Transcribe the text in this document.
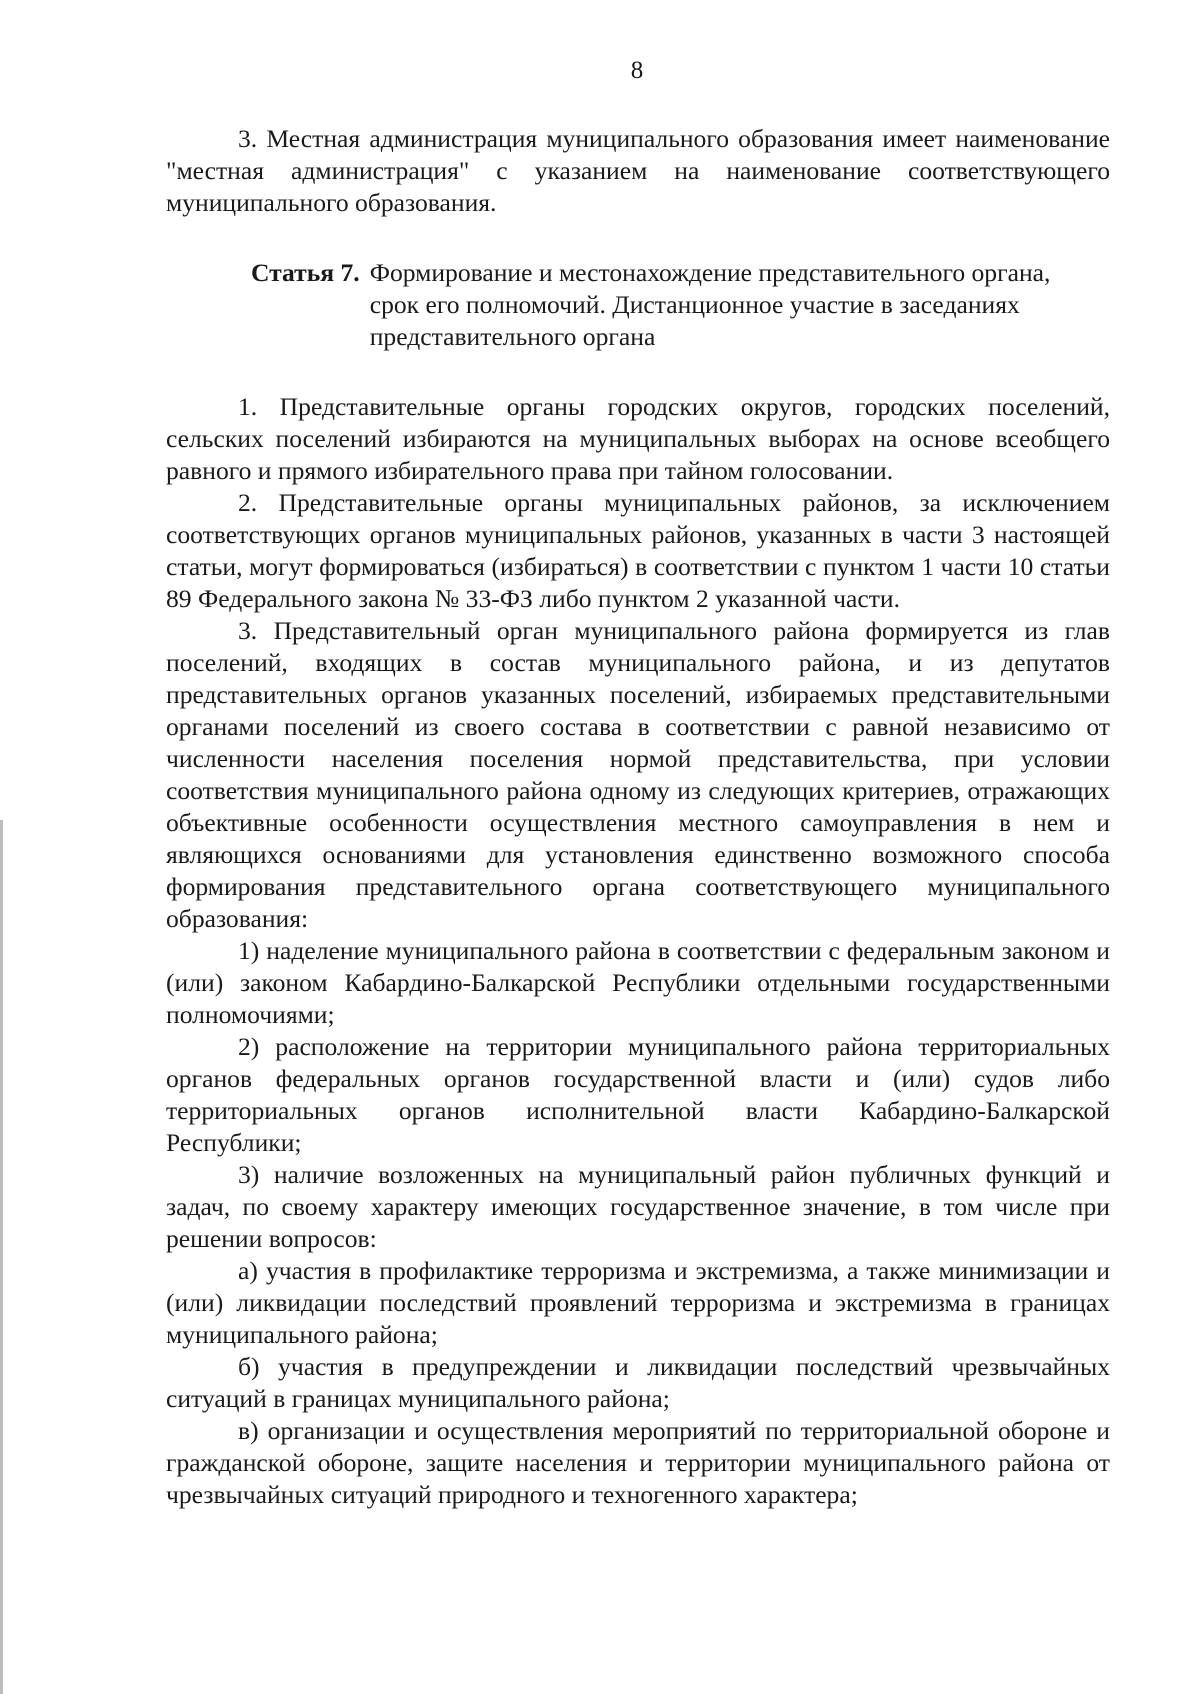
8

3. Местная администрация муниципального образования имеет наименование "местная администрация" с указанием на наименование соответствующего муниципального образования.

Статья 7. Формирование и местонахождение представительного органа, срок его полномочий. Дистанционное участие в заседаниях представительного органа

1. Представительные органы городских округов, городских поселений, сельских поселений избираются на муниципальных выборах на основе всеобщего равного и прямого избирательного права при тайном голосовании.

2. Представительные органы муниципальных районов, за исключением соответствующих органов муниципальных районов, указанных в части 3 настоящей статьи, могут формироваться (избираться) в соответствии с пунктом 1 части 10 статьи 89 Федерального закона № 33-ФЗ либо пунктом 2 указанной части.

3. Представительный орган муниципального района формируется из глав поселений, входящих в состав муниципального района, и из депутатов представительных органов указанных поселений, избираемых представительными органами поселений из своего состава в соответствии с равной независимо от численности населения поселения нормой представительства, при условии соответствия муниципального района одному из следующих критериев, отражающих объективные особенности осуществления местного самоуправления в нем и являющихся основаниями для установления единственно возможного способа формирования представительного органа соответствующего муниципального образования:

1) наделение муниципального района в соответствии с федеральным законом и (или) законом Кабардино-Балкарской Республики отдельными государственными полномочиями;

2) расположение на территории муниципального района территориальных органов федеральных органов государственной власти и (или) судов либо территориальных органов исполнительной власти Кабардино-Балкарской Республики;

3) наличие возложенных на муниципальный район публичных функций и задач, по своему характеру имеющих государственное значение, в том числе при решении вопросов:

а) участия в профилактике терроризма и экстремизма, а также минимизации и (или) ликвидации последствий проявлений терроризма и экстремизма в границах муниципального района;

б) участия в предупреждении и ликвидации последствий чрезвычайных ситуаций в границах муниципального района;

в) организации и осуществления мероприятий по территориальной обороне и гражданской обороне, защите населения и территории муниципального района от чрезвычайных ситуаций природного и техногенного характера;
